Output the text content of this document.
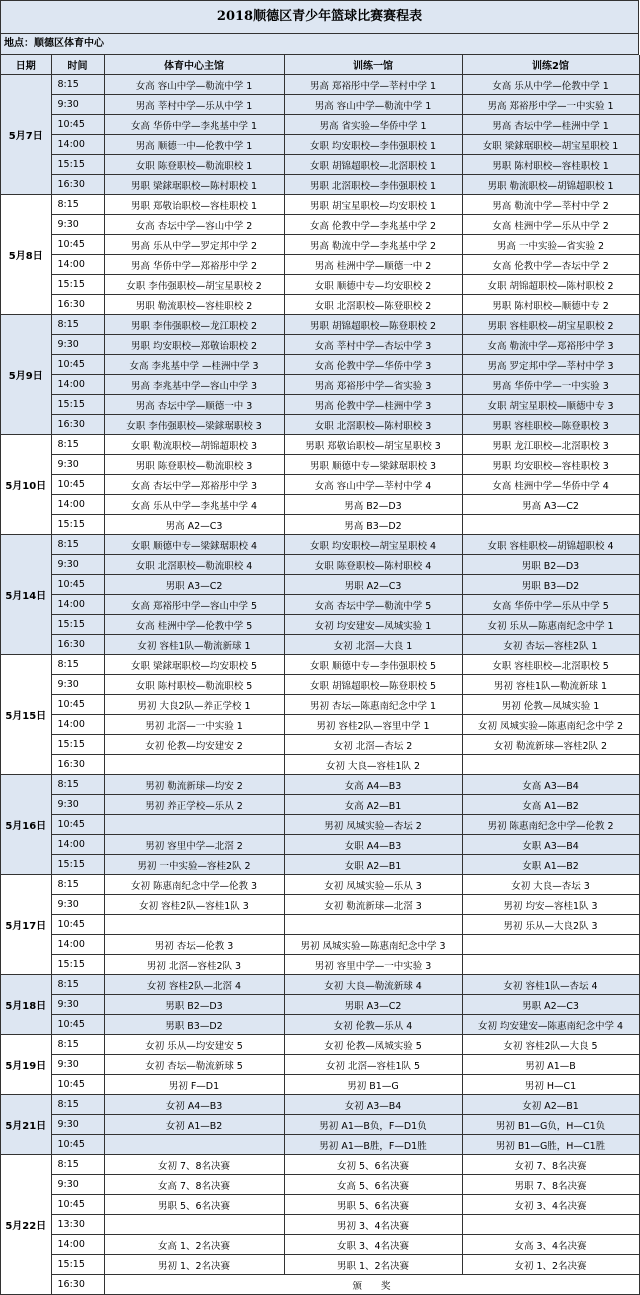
2018顺德区青少年篮球比赛赛程表
地点：顺德区体育中心
日期	时间	体育中心主馆	训练一馆	训练2馆
5月7日	8:15	女高 容山中学—勒流中学 1	男高 郑裕彤中学—莘村中学 1	女高 乐从中学—伦教中学 1
	9:30	男高 莘村中学—乐从中学 1	男高 容山中学—勒流中学 1	男高 郑裕彤中学—一中实验 1
	10:45	女高 华侨中学—李兆基中学 1	男高 省实验—华侨中学 1	男高 杏坛中学—桂洲中学 1
	14:00	男高 顺德一中—伦教中学 1	女职 均安职校—李伟强职校 1	女职 梁銶琚职校—胡宝星职校 1
	15:15	女职 陈登职校—勒流职校 1	女职 胡锦超职校—北滘职校 1	男职 陈村职校—容桂职校 1
	16:30	男职 梁銶琚职校—陈村职校 1	男职 北滘职校—李伟强职校 1	男职 勒流职校—胡锦超职校 1
5月8日	8:15	男职 郑敬诒职校—容桂职校 1	男职 胡宝星职校—均安职校 1	男高 勒流中学—莘村中学 2
	9:30	女高 杏坛中学—容山中学 2	女高 伦教中学—李兆基中学 2	女高 桂洲中学—乐从中学 2
	10:45	男高 乐从中学—罗定邦中学 2	男高 勒流中学—李兆基中学 2	男高 一中实验—省实验 2
	14:00	男高 华侨中学—郑裕彤中学 2	男高 桂洲中学—顺德一中 2	女高 伦教中学—杏坛中学 2
	15:15	女职 李伟强职校—胡宝星职校 2	女职 顺德中专—均安职校 2	女职 胡锦超职校—陈村职校 2
	16:30	男职 勒流职校—容桂职校 2	女职 北滘职校—陈登职校 2	男职 陈村职校—顺德中专 2
5月9日	8:15	男职 李伟强职校—龙江职校 2	男职 胡锦超职校—陈登职校 2	男职 容桂职校—胡宝星职校 2
	9:30	男职 均安职校—郑敬诒职校 2	女高 莘村中学—杏坛中学 3	女高 勒流中学—郑裕彤中学 3
	10:45	女高 李兆基中学 —桂洲中学 3	女高 伦教中学—华侨中学 3	男高 罗定邦中学—莘村中学 3
	14:00	男高 李兆基中学—容山中学 3	男高 郑裕彤中学—省实验 3	男高 华侨中学—一中实验 3
	15:15	男高 杏坛中学—顺德一中 3	男高 伦教中学—桂洲中学 3	女职 胡宝星职校—顺德中专 3
	16:30	女职 李伟强职校—梁銶琚职校 3	女职 北滘职校—陈村职校 3	男职 容桂职校—陈登职校 3
5月10日	8:15	女职 勒流职校—胡锦超职校 3	男职 郑敬诒职校—胡宝星职校 3	男职 龙江职校—北滘职校 3
	9:30	男职 陈登职校—勒流职校 3	男职 顺德中专—梁銶琚职校 3	男职 均安职校—容桂职校 3
	10:45	女高 杏坛中学—郑裕彤中学 3	女高 容山中学—莘村中学 4	女高 桂洲中学—华侨中学 4
	14:00	女高 乐从中学—李兆基中学 4	男高 B2—D3	男高 A3—C2
	15:15	男高 A2—C3	男高 B3—D2	
5月14日	8:15	女职 顺德中专—梁銶琚职校 4	女职 均安职校—胡宝星职校 4	女职 容桂职校—胡锦超职校 4
	9:30	女职 北滘职校—勒流职校 4	女职 陈登职校—陈村职校 4	男职 B2—D3
	10:45	男职 A3—C2	男职 A2—C3	男职 B3—D2
	14:00	女高 郑裕彤中学—容山中学 5	女高 杏坛中学—勒流中学 5	女高 华侨中学—乐从中学 5
	15:15	女高 桂洲中学—伦教中学 5	女初 均安建安—凤城实验 1	女初 乐从—陈惠南纪念中学 1
	16:30	女初 容桂1队—勒流新球 1	女初 北滘—大良 1	女初 杏坛—容桂2队 1
5月15日	8:15	女职 梁銶琚职校—均安职校 5	女职 顺德中专—李伟强职校 5	女职 容桂职校—北滘职校 5
	9:30	女职 陈村职校—勒流职校 5	女职 胡锦超职校—陈登职校 5	男初 容桂1队—勒流新球 1
	10:45	男初 大良2队—养正学校 1	男初 杏坛—陈惠南纪念中学 1	男初 伦教—凤城实验 1
	14:00	男初 北滘—一中实验 1	男初 容桂2队—容里中学 1	女初 凤城实验—陈惠南纪念中学 2
	15:15	女初 伦教—均安建安 2	女初 北滘—杏坛 2	女初 勒流新球—容桂2队 2
	16:30		女初 大良—容桂1队 2	
5月16日	8:15	男初 勒流新球—均安 2	女高 A4—B3	女高 A3—B4
	9:30	男初 养正学校—乐从 2	女高 A2—B1	女高 A1—B2
	10:45		男初 凤城实验—杏坛 2	男初 陈惠南纪念中学—伦教 2
	14:00	男初 容里中学—北滘 2	女职 A4—B3	女职 A3—B4
	15:15	男初 一中实验—容桂2队 2	女职 A2—B1	女职 A1—B2
5月17日	8:15	女初 陈惠南纪念中学—伦教 3	女初 凤城实验—乐从 3	女初 大良—杏坛 3
	9:30	女初 容桂2队—容桂1队 3	女初 勒流新球—北滘 3	男初 均安—容桂1队 3
	10:45			男初 乐从—大良2队 3
	14:00	男初 杏坛—伦教 3	男初 凤城实验—陈惠南纪念中学 3	
	15:15	男初 北滘—容桂2队 3	男初 容里中学—一中实验 3	
5月18日	8:15	女初 容桂2队—北滘 4	女初 大良—勒流新球 4	女初 容桂1队—杏坛 4
	9:30	男职 B2—D3	男职 A3—C2	男职 A2—C3
	10:45	男职 B3—D2	女初 伦教—乐从 4	女初 均安建安—陈惠南纪念中学 4
5月19日	8:15	女初 乐从—均安建安 5	女初 伦教—凤城实验 5	女初 容桂2队—大良 5
	9:30	女初 杏坛—勒流新球 5	女初 北滘—容桂1队 5	男初 A1—B
	10:45	男初 F—D1	男初 B1—G	男初 H—C1
5月21日	8:15	女初 A4—B3	女初 A3—B4	女初 A2—B1
	9:30	女初 A1—B2	男初 A1—B负，F—D1负	男初 B1—G负，H—C1负
	10:45		男初 A1—B胜，F—D1胜	男初 B1—G胜，H—C1胜
5月22日	8:15	女初 7、8名决赛	女初 5、6名决赛	女初 7、8名决赛
	9:30	女高 7、8名决赛	女高 5、6名决赛	男职 7、8名决赛
	10:45	男职 5、6名决赛	男职 5、6名决赛	女初 3、4名决赛
	13:30		男初 3、4名决赛	
	14:00	女高 1、2名决赛	女职 3、4名决赛	女高 3、4名决赛
	15:15	男初 1、2名决赛	男职 1、2名决赛	女初 1、2名决赛
	16:30	颁　　奖		
